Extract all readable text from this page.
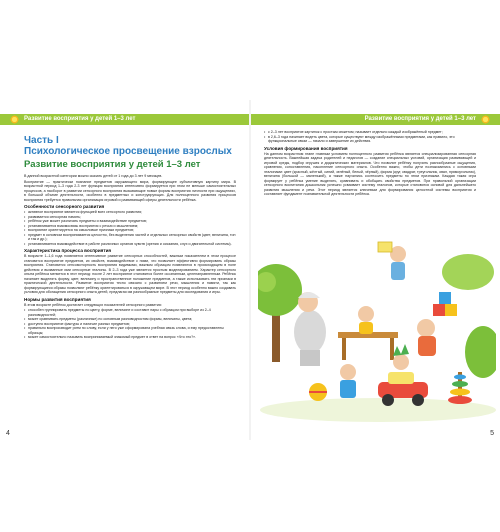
Развитие восприятия у детей 1–3 лет	Развитие восприятия у детей 1–3 лет
Часть I
Психологическое просвещение взрослых
Развитие восприятия у детей 1–3 лет

В данной возрастной категории можно сказать детей от 1 года до 3 лет 9 месяцев.

Восприятие — практически познание предметов окружающего мира, формирующее субъективную картину мира. В возрастной период 1–3 года 2-3 лет функция восприятия интенсивно формируется при этом не меньше самостоятельных процессов, а наоборот в развитии сенсорного восприятия вызывающие новые формы восприятия личности при ощущениях, в большой объеме деятельности, особенно в предметных и конструирующих. Для полноценного развития процессов восприятия требуется правильная организация игровой и развивающей сферы деятельности ребёнка.

Особенности сенсорного развития
• активное восприятие является функцией всех сенсорного развития;
• развивается сенсорная память;
• ребёнок уже может различать предметы и взаимодействие предметов;
• устанавливается взаимосвязь восприятия с речью и мышлением;
• восприятие ориентируется на смысловые признаки предметов;
• предмет в основном воспринимается целостно, без выделения частей и отдельных сенсорных свойств (цвет, величина, тон и так и др.);
• устанавливается взаимодействие в работе различных органов чувств (зрения и осязания, слух и двигательной системы).
Характеристика процесса восприятия

В возрасте 1–1,6 года появляется интенсивное развитие сенсорных способностей, важным показателем в этом процессе становится восприятие предметов, их свойств, взаимодействие с ними, что позволяет эффективно формировать образы восприятия. Становится сенсомоторность восприятия видимыми, важным образцом появляются в происходящем в поле действия и вызванные ими сенсорные эталоны. В 2–3 года уже является простым моделированием. Характер сенсорного опыта ребёнка меняется в этот период: после 2 лет восприятие становится более осознанным, целенаправленным. Ребёнок начинает выделять форму, цвет, величину и пространственное положение предметов, а также использовать эти признаки в практической деятельности. Развитие восприятия тесно связано с развитием речи, мышления и памяти, так как формирующиеся образы позволяют ребёнку ориентироваться в окружающем мире. В этот период особенно важно создавать условия для обогащения сенсорного опыта детей, предлагая им разнообразные предметы для исследования и игры.

Нормы развития восприятия

В этом возрасте ребёнок достигает следующих показателей сенсорного развития:

• способен группировать предметы по цвету, форме, величине и составит пары с образцом при выборе из 2–4 разновидностей;
• может сравнивать предметы (различные) по основным разновидностям формы, величины, цвета;
• доступно восприятие фактуры и наличие разных предметов;
• правильно воспроизводит ритм по слову, если у него уже сформирована учебная связь слова, и ему предоставлены образцы;
• может самостоятельно называть воспринимаемый знакомый предмет в ответ на вопрос «Что это?».
• с 2–3 лет восприятие картинок с простым сюжетом; называет отдельно каждый изображённый предмет;
• в 2,6–3 года начинает видеть цвета, которые существуют между изображёнными предметами, как правило, это функциональные связи — начало и завершение их действия.
Условия формирования восприятия

На данном возрастном этапе главным условием полноценного развития ребёнка является специализированная сенсорная деятельность. Важнейшая задача родителей и педагогов — создание специальных условий, организация развивающей и игровой среды, подбор игрушек и дидактических материалов. Что позволит ребёнку получить разнообразные ощущения, сравнения, сопоставления, накопление сенсорного опыта. Особенно важно, чтобы дети познакомились с основными эталонами: цвет (красный, жёлтый, синий, зелёный, белый, чёрный), форма (круг, квадрат, треугольник, овал, прямоугольник), величина (большой — маленький), а также научились соотносить предметы по этим признакам. Каждая такая игра формирует у ребёнка умение выделять, сравнивать и обобщать свойства предметов. При правильной организации сенсорного воспитания дошкольник успешно усваивает систему эталонов, которые становятся основой для дальнейшего развития мышления и речи. Этот период является ключевым для формирования целостной системы восприятия и составляет фундамент познавательной деятельности ребёнка.

4	5
